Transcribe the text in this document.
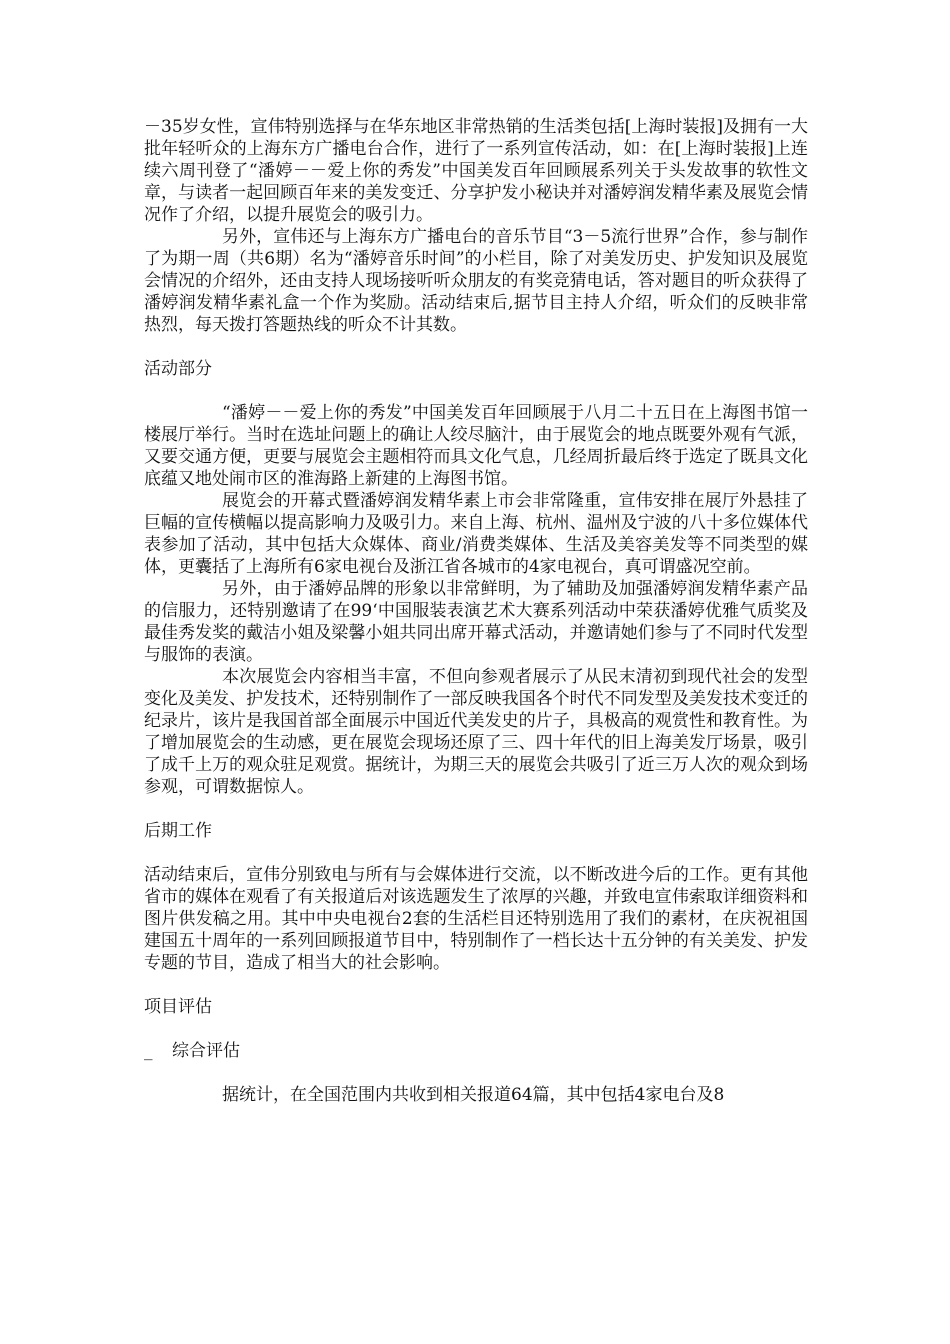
－35岁女性，宣伟特别选择与在华东地区非常热销的生活类包括[上海时装报]及拥有一大批年轻听众的上海东方广播电台合作，进行了一系列宣传活动，如：在[上海时装报]上连续六周刊登了“潘婷－－爱上你的秀发”中国美发百年回顾展系列关于头发故事的软性文章，与读者一起回顾百年来的美发变迁、分享护发小秘诀并对潘婷润发精华素及展览会情况作了介绍，以提升展览会的吸引力。

另外，宣伟还与上海东方广播电台的音乐节目“3－5流行世界”合作，参与制作了为期一周（共6期）名为“潘婷音乐时间”的小栏目，除了对美发历史、护发知识及展览会情况的介绍外，还由支持人现场接听听众朋友的有奖竞猜电话，答对题目的听众获得了潘婷润发精华素礼盒一个作为奖励。活动结束后,据节目主持人介绍，听众们的反映非常热烈，每天拨打答题热线的听众不计其数。

活动部分

“潘婷－－爱上你的秀发”中国美发百年回顾展于八月二十五日在上海图书馆一楼展厅举行。当时在选址问题上的确让人绞尽脑汁，由于展览会的地点既要外观有气派，又要交通方便，更要与展览会主题相符而具文化气息，几经周折最后终于选定了既具文化底蕴又地处闹市区的淮海路上新建的上海图书馆。

展览会的开幕式暨潘婷润发精华素上市会非常隆重，宣伟安排在展厅外悬挂了巨幅的宣传横幅以提高影响力及吸引力。来自上海、杭州、温州及宁波的八十多位媒体代表参加了活动，其中包括大众媒体、商业/消费类媒体、生活及美容美发等不同类型的媒体，更囊括了上海所有6家电视台及浙江省各城市的4家电视台，真可谓盛况空前。

另外，由于潘婷品牌的形象以非常鲜明，为了辅助及加强潘婷润发精华素产品的信服力，还特别邀请了在99‘中国服装表演艺术大赛系列活动中荣获潘婷优雅气质奖及最佳秀发奖的戴洁小姐及梁馨小姐共同出席开幕式活动，并邀请她们参与了不同时代发型与服饰的表演。

本次展览会内容相当丰富，不但向参观者展示了从民末清初到现代社会的发型变化及美发、护发技术，还特别制作了一部反映我国各个时代不同发型及美发技术变迁的纪录片，该片是我国首部全面展示中国近代美发史的片子，具极高的观赏性和教育性。为了增加展览会的生动感，更在展览会现场还原了三、四十年代的旧上海美发厅场景，吸引了成千上万的观众驻足观赏。据统计，为期三天的展览会共吸引了近三万人次的观众到场参观，可谓数据惊人。

后期工作

活动结束后，宣伟分别致电与所有与会媒体进行交流，以不断改进今后的工作。更有其他省市的媒体在观看了有关报道后对该选题发生了浓厚的兴趣，并致电宣伟索取详细资料和图片供发稿之用。其中中央电视台2套的生活栏目还特别选用了我们的素材，在庆祝祖国建国五十周年的一系列回顾报道节目中，特别制作了一档长达十五分钟的有关美发、护发专题的节目，造成了相当大的社会影响。

项目评估

_	综合评估

据统计，在全国范围内共收到相关报道64篇，其中包括4家电台及8
